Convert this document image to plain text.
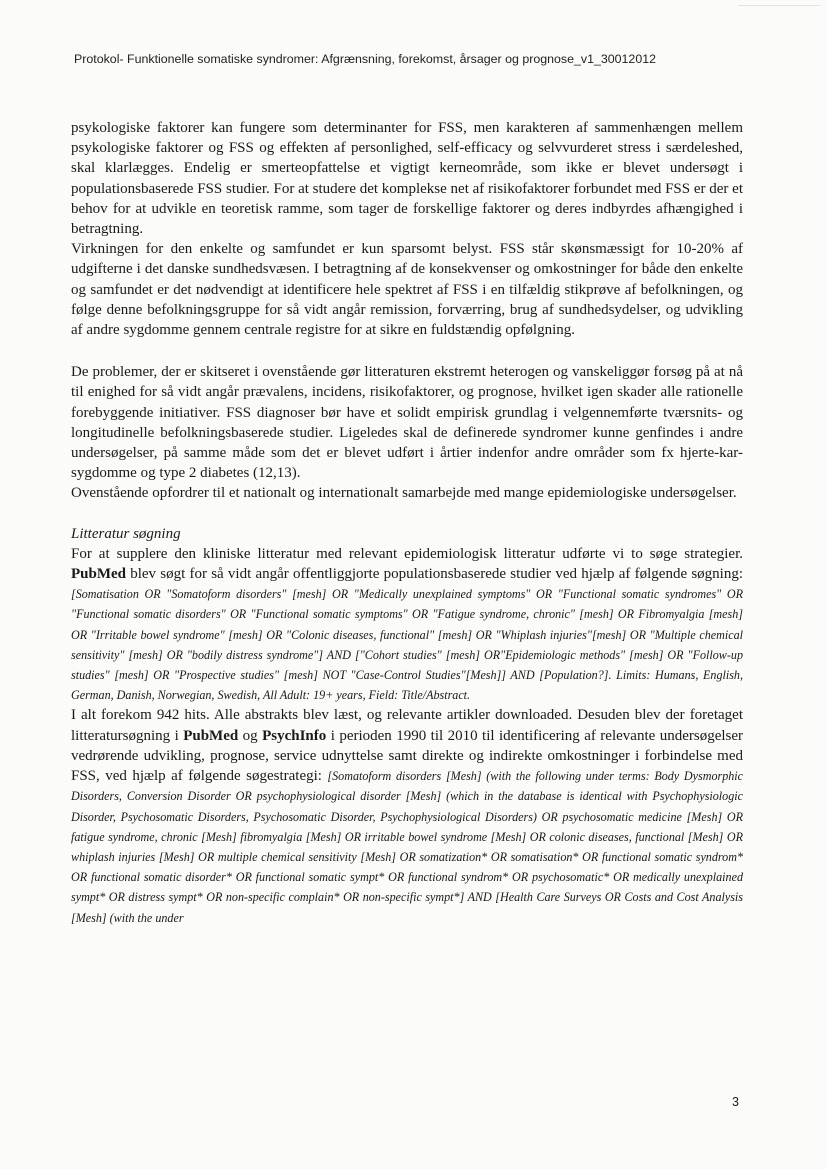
Protokol- Funktionelle somatiske syndromer: Afgrænsning, forekomst, årsager og prognose_v1_30012012

psykologiske faktorer kan fungere som determinanter for FSS, men karakteren af sammenhængen mellem psykologiske faktorer og FSS og effekten af personlighed, self-efficacy og selvvurderet stress i særdeleshed, skal klarlægges. Endelig er smerteopfattelse et vigtigt kerneområde, som ikke er blevet undersøgt i populationsbaserede FSS studier. For at studere det komplekse net af risikofaktorer forbundet med FSS er der et behov for at udvikle en teoretisk ramme, som tager de forskellige faktorer og deres indbyrdes afhængighed i betragtning.

Virkningen for den enkelte og samfundet er kun sparsomt belyst. FSS står skønsmæssigt for 10-20% af udgifterne i det danske sundhedsvæsen. I betragtning af de konsekvenser og omkostninger for både den enkelte og samfundet er det nødvendigt at identificere hele spektret af FSS i en tilfældig stikprøve af befolkningen, og følge denne befolkningsgruppe for så vidt angår remission, forværring, brug af sundhedsydelser, og udvikling af andre sygdomme gennem centrale registre for at sikre en fuldstændig opfølgning.

De problemer, der er skitseret i ovenstående gør litteraturen ekstremt heterogen og vanskeliggør forsøg på at nå til enighed for så vidt angår prævalens, incidens, risikofaktorer, og prognose, hvilket igen skader alle rationelle forebyggende initiativer. FSS diagnoser bør have et solidt empirisk grundlag i velgennemførte tværsnits- og longitudinelle befolkningsbaserede studier. Ligeledes skal de definerede syndromer kunne genfindes i andre undersøgelser, på samme måde som det er blevet udført i årtier indenfor andre områder som fx hjerte-kar-sygdomme og type 2 diabetes (12,13).

Ovenstående opfordrer til et nationalt og internationalt samarbejde med mange epidemiologiske undersøgelser.

Litteratur søgning

For at supplere den kliniske litteratur med relevant epidemiologisk litteratur udførte vi to søge strategier. PubMed blev søgt for så vidt angår offentliggjorte populationsbaserede studier ved hjælp af følgende søgning: [Somatisation OR "Somatoform disorders" [mesh] OR "Medically unexplained symptoms" OR "Functional somatic syndromes" OR "Functional somatic disorders" OR "Functional somatic symptoms" OR "Fatigue syndrome, chronic" [mesh] OR Fibromyalgia [mesh] OR "Irritable bowel syndrome" [mesh] OR "Colonic diseases, functional" [mesh] OR "Whiplash injuries"[mesh] OR "Multiple chemical sensitivity" [mesh] OR "bodily distress syndrome"] AND ["Cohort studies" [mesh] OR"Epidemiologic methods" [mesh] OR "Follow-up studies" [mesh] OR "Prospective studies" [mesh] NOT "Case-Control Studies"[Mesh]] AND [Population?]. Limits: Humans, English, German, Danish, Norwegian, Swedish, All Adult: 19+ years, Field: Title/Abstract.

I alt forekom 942 hits. Alle abstrakts blev læst, og relevante artikler downloaded. Desuden blev der foretaget litteratursøgning i PubMed og PsychInfo i perioden 1990 til 2010 til identificering af relevante undersøgelser vedrørende udvikling, prognose, service udnyttelse samt direkte og indirekte omkostninger i forbindelse med FSS, ved hjælp af følgende søgestrategi: [Somatoform disorders [Mesh] (with the following under terms: Body Dysmorphic Disorders, Conversion Disorder OR psychophysiological disorder [Mesh] (which in the database is identical with Psychophysiologic Disorder, Psychosomatic Disorders, Psychosomatic Disorder, Psychophysiological Disorders) OR psychosomatic medicine [Mesh] OR fatigue syndrome, chronic [Mesh] fibromyalgia [Mesh] OR irritable bowel syndrome [Mesh] OR colonic diseases, functional [Mesh] OR whiplash injuries [Mesh] OR multiple chemical sensitivity [Mesh] OR somatization* OR somatisation* OR functional somatic syndrom* OR functional somatic disorder* OR functional somatic sympt* OR functional syndrom* OR psychosomatic* OR medically unexplained sympt* OR distress sympt* OR non-specific complain* OR non-specific sympt*] AND [Health Care Surveys OR Costs and Cost Analysis [Mesh] (with the under

3
